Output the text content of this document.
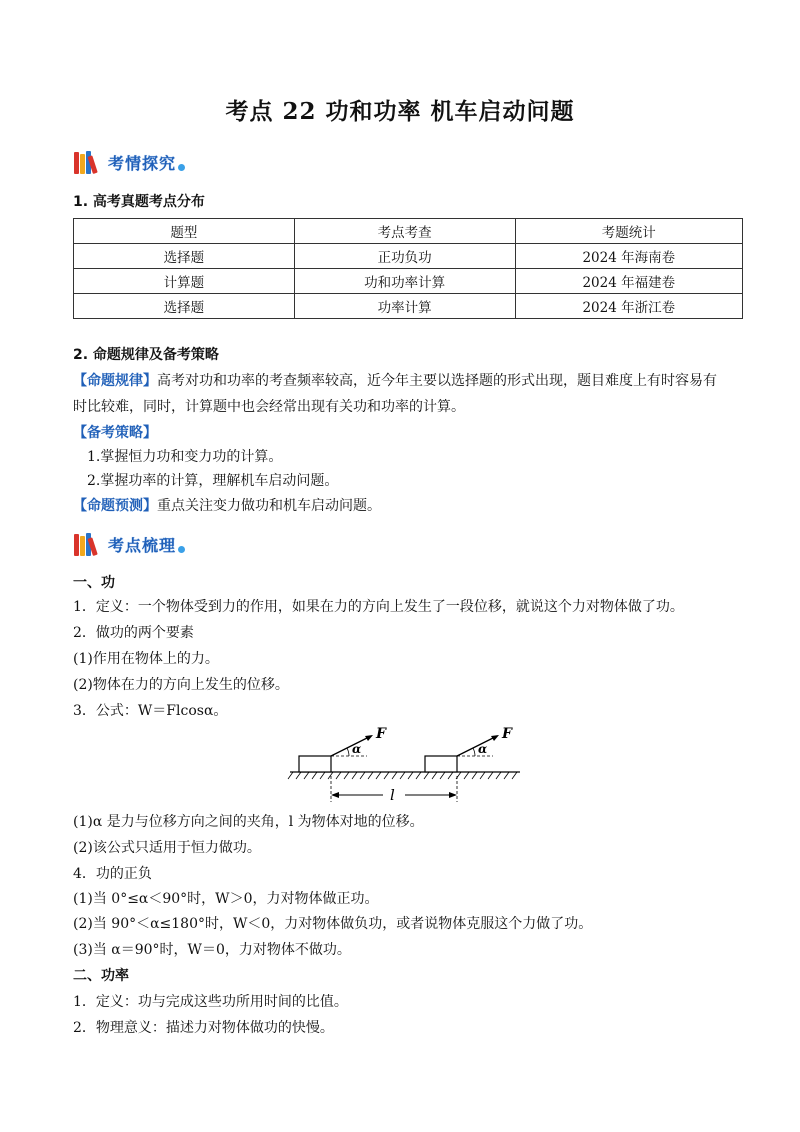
考点 22 功和功率 机车启动问题
考情探究
1. 高考真题考点分布
题型	考点考查	考题统计
选择题	正功负功	2024 年海南卷
计算题	功和功率计算	2024 年福建卷
选择题	功率计算	2024 年浙江卷
2. 命题规律及备考策略
【命题规律】高考对功和功率的考查频率较高，近今年主要以选择题的形式出现，题目难度上有时容易有
时比较难，同时，计算题中也会经常出现有关功和功率的计算。
【备考策略】
1.掌握恒力功和变力功的计算。
2.掌握功率的计算，理解机车启动问题。
【命题预测】重点关注变力做功和机车启动问题。
考点梳理
一、功
1．定义：一个物体受到力的作用，如果在力的方向上发生了一段位移，就说这个力对物体做了功。
2．做功的两个要素
(1)作用在物体上的力。
(2)物体在力的方向上发生的位移。
3．公式：W＝Flcosα。
F
α
F
α
l
(1)α 是力与位移方向之间的夹角，l 为物体对地的位移。
(2)该公式只适用于恒力做功。
4．功的正负
(1)当 0°≤α＜90°时，W＞0，力对物体做正功。
(2)当 90°＜α≤180°时，W＜0，力对物体做负功，或者说物体克服这个力做了功。
(3)当 α＝90°时，W＝0，力对物体不做功。
二、功率
1．定义：功与完成这些功所用时间的比值。
2．物理意义：描述力对物体做功的快慢。
